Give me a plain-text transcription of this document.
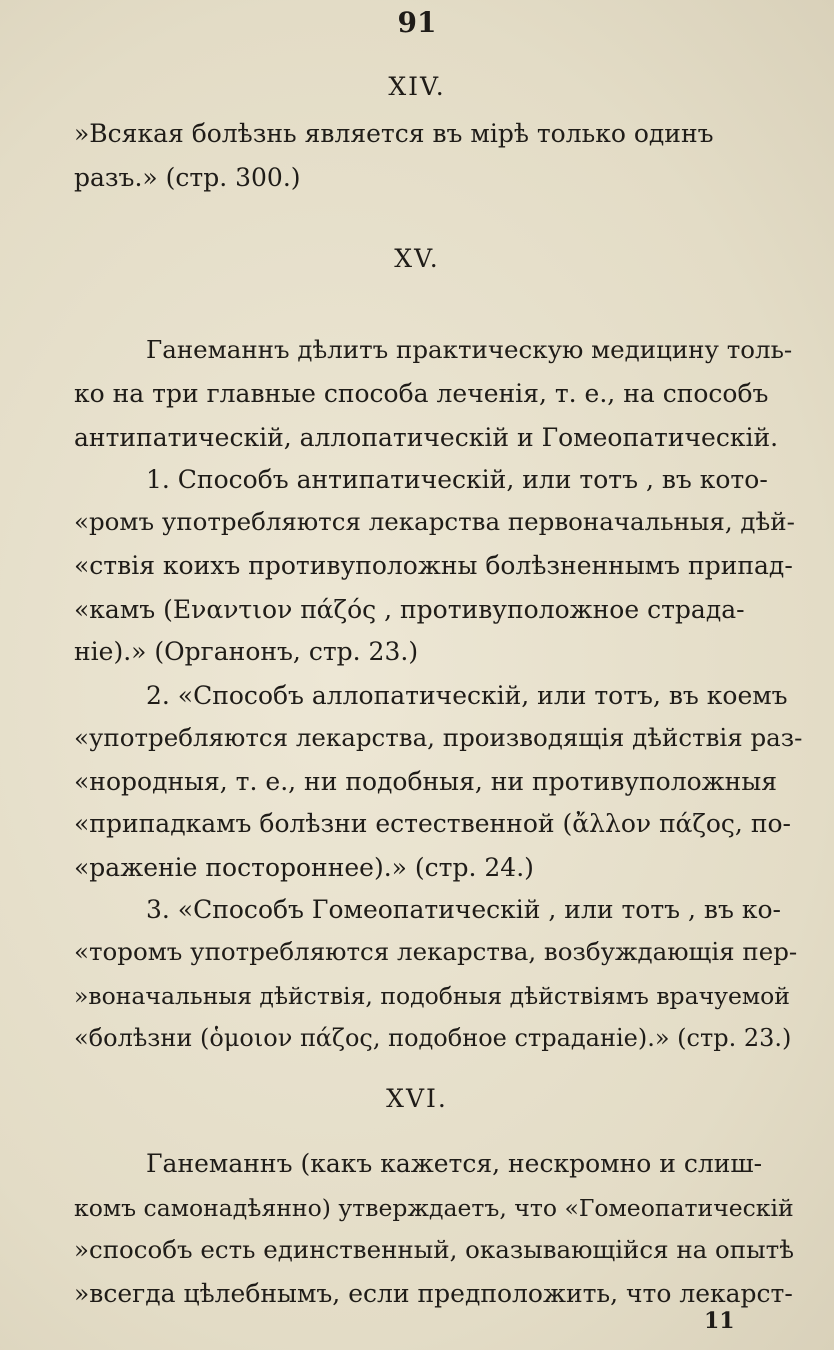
91
XIV.
»Всякая болѣзнь является въ мірѣ только одинъ
разъ.» (стр. 300.)
XV.
Ганеманнъ дѣлитъ практическую медицину толь-
ко на три главные способа леченія, т. е., на способъ
антипатическій, аллопатическій и Гомеопатическій.
1. Способъ антипатическій, или тотъ , въ кото-
«ромъ употребляются лекарства первоначальныя, дѣй-
«ствія коихъ противуположны болѣзненнымъ припад-
«камъ (Εναντιον πάζός , противуположное страда-
ніе).» (Органонъ, стр. 23.)
2. «Способъ аллопатическій, или тотъ, въ коемъ
«употребляются лекарства, производящія дѣйствія раз-
«нородныя, т. е., ни подобныя, ни противуположныя
«припадкамъ болѣзни естественной (ἄλλον πάζος, по-
«раженіе постороннее).» (стр. 24.)
3. «Способъ Гомеопатическій , или тотъ , въ ко-
«торомъ употребляются лекарства, возбуждающія пер-
»воначальныя дѣйствія, подобныя дѣйствіямъ врачуемой
«болѣзни (ὁμοιον πάζος, подобное страданіе).» (стр. 23.)
XVI.
Ганеманнъ (какъ кажется, нескромно и слиш-
комъ самонадѣянно) утверждаетъ, что «Гомеопатическій
»способъ есть единственный, оказывающійся на опытѣ
»всегда цѣлебнымъ, если предположить, что лекарст-
11
